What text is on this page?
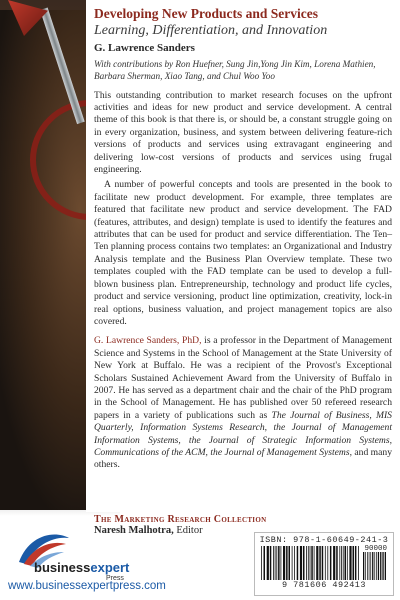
Developing New Products and Services
Learning, Differentiation, and Innovation
G. Lawrence Sanders
With contributions by Ron Huefner, Sung Jin,Yong Jin Kim, Lorena Mathien, Barbara Sherman, Xiao Tang, and Chul Woo Yoo

This outstanding contribution to market research focuses on the upfront activities and ideas for new product and service development. A central theme of this book is that there is, or should be, a constant struggle going on in every organization, business, and system between delivering feature-rich versions of products and services using extravagant engineering and delivering low-cost versions of products and services using frugal engineering.

A number of powerful concepts and tools are presented in the book to facilitate new product development. For example, three templates are featured that facilitate new product and service development. The FAD (features, attributes, and design) template is used to identify the features and attributes that can be used for product and service differentiation. The Ten–Ten planning process contains two templates: an Organizational and Industry Analysis template and the Business Plan Overview template. These two templates coupled with the FAD template can be used to develop a full-blown business plan. Entrepreneurship, technology and product life cycles, product and service versioning, product line optimization, creativity, lock-in real options, business valuation, and project management topics are also covered.

G. Lawrence Sanders, PhD, is a professor in the Department of Management Science and Systems in the School of Management at the State University of New York at Buffalo. He was a recipient of the Provost's Exceptional Scholars Sustained Achievement Award from the University of Buffalo in 2007. He has served as a department chair and the chair of the PhD program in the School of Management. He has published over 50 refereed research papers in a variety of publications such as The Journal of Business, MIS Quarterly, Information Systems Research, the Journal of Management Information Systems, the Journal of Strategic Information Systems, Communications of the ACM, the Journal of Management Systems, and many others.

The Marketing Research Collection
Naresh Malhotra, Editor
businessexpert
Press
www.businessexpertpress.com
ISBN: 978-1-60649-241-3
9 781606 492413
90000
